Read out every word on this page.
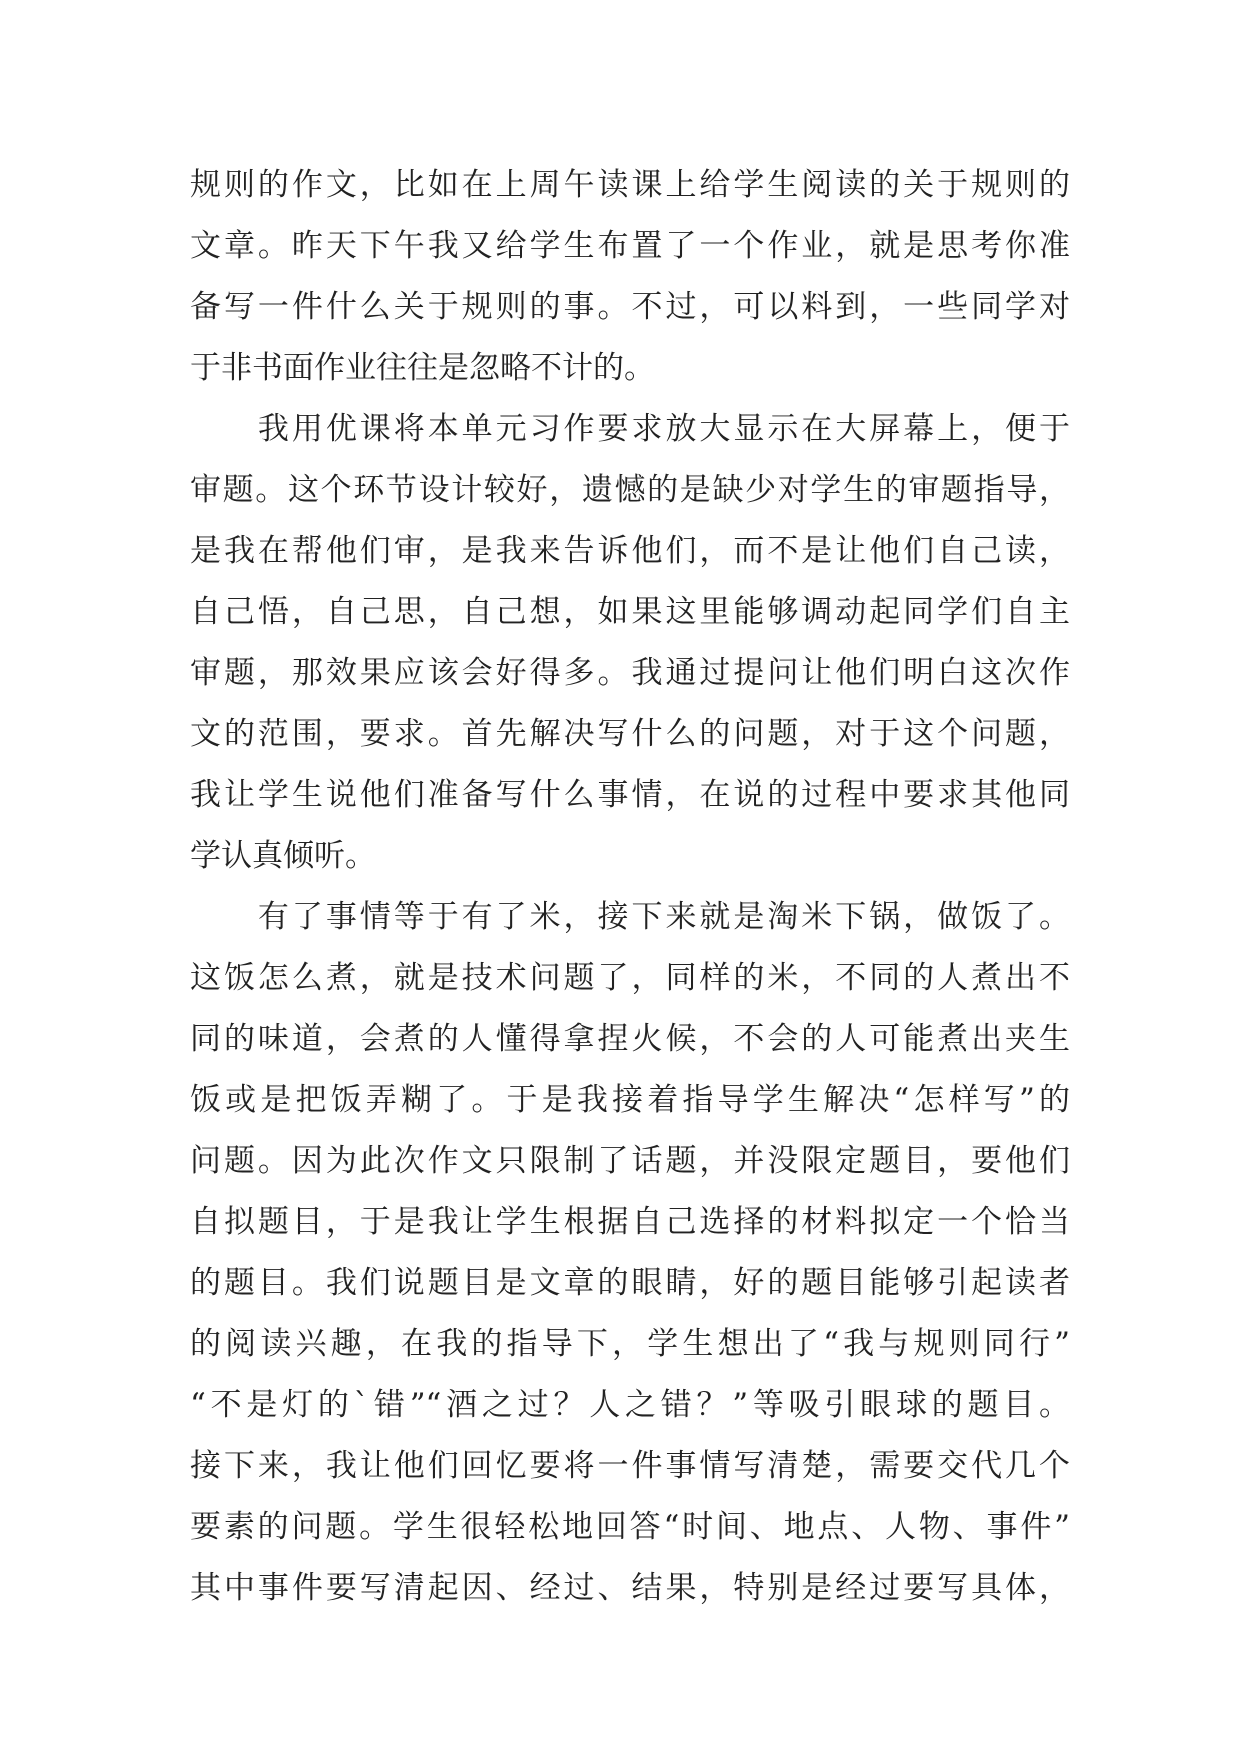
规则的作文，比如在上周午读课上给学生阅读的关于规则的
文章。昨天下午我又给学生布置了一个作业，就是思考你准
备写一件什么关于规则的事。不过，可以料到，一些同学对
于非书面作业往往是忽略不计的。
　　我用优课将本单元习作要求放大显示在大屏幕上，便于
审题。这个环节设计较好，遗憾的是缺少对学生的审题指导，
是我在帮他们审，是我来告诉他们，而不是让他们自己读，
自己悟，自己思，自己想，如果这里能够调动起同学们自主
审题，那效果应该会好得多。我通过提问让他们明白这次作
文的范围，要求。首先解决写什么的问题，对于这个问题，
我让学生说他们准备写什么事情，在说的过程中要求其他同
学认真倾听。
　　有了事情等于有了米，接下来就是淘米下锅，做饭了。
这饭怎么煮，就是技术问题了，同样的米，不同的人煮出不
同的味道，会煮的人懂得拿捏火候，不会的人可能煮出夹生
饭或是把饭弄糊了。于是我接着指导学生解决“怎样写”的
问题。因为此次作文只限制了话题，并没限定题目，要他们
自拟题目，于是我让学生根据自己选择的材料拟定一个恰当
的题目。我们说题目是文章的眼睛，好的题目能够引起读者
的阅读兴趣，在我的指导下，学生想出了“我与规则同行”
“不是灯的`错”“酒之过？人之错？”等吸引眼球的题目。
接下来，我让他们回忆要将一件事情写清楚，需要交代几个
要素的问题。学生很轻松地回答“时间、地点、人物、事件”
其中事件要写清起因、经过、结果，特别是经过要写具体，
